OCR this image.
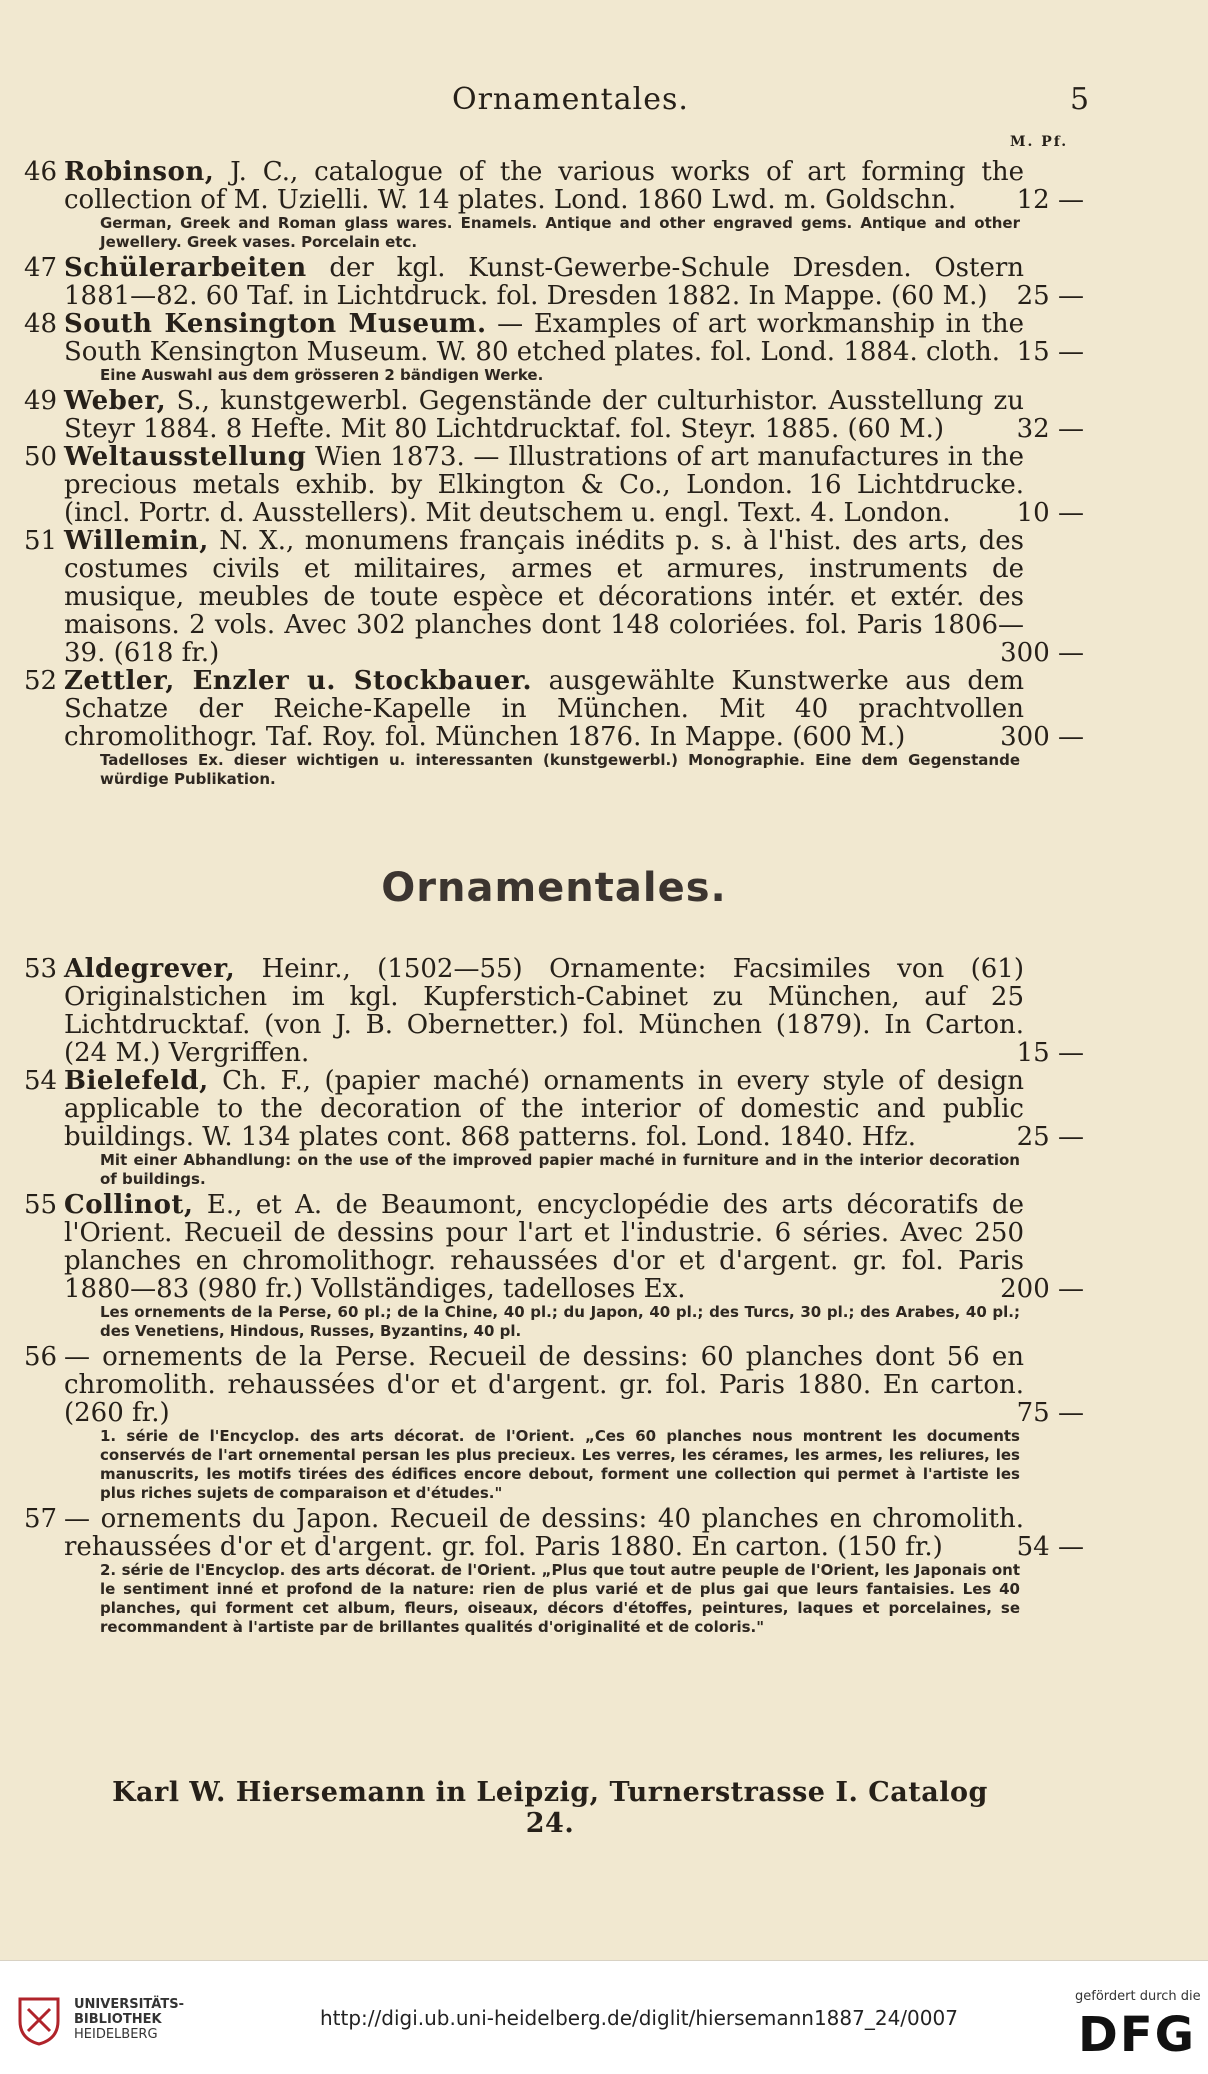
Ornamentales.	5
M. Pf.
46 Robinson, J. C., catalogue of the various works of art forming the collection of M. Uzielli. W. 14 plates. Lond. 1860 Lwd. m. Goldschn.	12 —
German, Greek and Roman glass wares. Enamels. Antique and other engraved gems. Antique and other Jewellery. Greek vases. Porcelain etc.
47 Schülerarbeiten der kgl. Kunst-Gewerbe-Schule Dresden. Ostern 1881—82. 60 Taf. in Lichtdruck. fol. Dresden 1882. In Mappe. (60 M.)	25 —
48 South Kensington Museum. — Examples of art workmanship in the South Kensington Museum. W. 80 etched plates. fol. Lond. 1884. cloth. 15 —
Eine Auswahl aus dem grösseren 2 bändigen Werke.
49 Weber, S., kunstgewerbl. Gegenstände der culturhistor. Ausstellung zu Steyr 1884. 8 Hefte. Mit 80 Lichtdrucktaf. fol. Steyr. 1885. (60 M.)	32 —
50 Weltausstellung Wien 1873. — Illustrations of art manufactures in the precious metals exhib. by Elkington & Co., London. 16 Lichtdrucke. (incl. Portr. d. Ausstellers). Mit deutschem u. engl. Text. 4. London.	10 —
51 Willemin, N. X., monumens français inédits p. s. à l'hist. des arts, des costumes civils et militaires, armes et armures, instruments de musique, meubles de toute espèce et décorations intér. et extér. des maisons. 2 vols. Avec 302 planches dont 148 coloriées. fol. Paris 1806—39. (618 fr.)	300 —
52 Zettler, Enzler u. Stockbauer. ausgewählte Kunstwerke aus dem Schatze der Reiche-Kapelle in München. Mit 40 prachtvollen chromolithogr. Taf. Roy. fol. München 1876. In Mappe. (600 M.)	300 —
Tadelloses Ex. dieser wichtigen u. interessanten (kunstgewerbl.) Monographie. Eine dem Gegenstande würdige Publikation.
Ornamentales.
53 Aldegrever, Heinr., (1502—55) Ornamente: Facsimiles von (61) Originalstichen im kgl. Kupferstich-Cabinet zu München, auf 25 Lichtdrucktaf. (von J. B. Obernetter.) fol. München (1879). In Carton. (24 M.) Vergriffen.	15 —
54 Bielefeld, Ch. F., (papier maché) ornaments in every style of design applicable to the decoration of the interior of domestic and public buildings. W. 134 plates cont. 868 patterns. fol. Lond. 1840. Hfz.	25 —
Mit einer Abhandlung: on the use of the improved papier maché in furniture and in the interior decoration of buildings.
55 Collinot, E., et A. de Beaumont, encyclopédie des arts décoratifs de l'Orient. Recueil de dessins pour l'art et l'industrie. 6 séries. Avec 250 planches en chromolithogr. rehaussées d'or et d'argent. gr. fol. Paris 1880—83 (980 fr.) Vollständiges, tadelloses Ex.	200 —
Les ornements de la Perse, 60 pl.; de la Chine, 40 pl.; du Japon, 40 pl.; des Turcs, 30 pl.; des Arabes, 40 pl.; des Venetiens, Hindous, Russes, Byzantins, 40 pl.
56 — ornements de la Perse. Recueil de dessins: 60 planches dont 56 en chromolith. rehaussées d'or et d'argent. gr. fol. Paris 1880. En carton. (260 fr.)	75 —
1. série de l'Encyclop. des arts décorat. de l'Orient. „Ces 60 planches nous montrent les documents conservés de l'art ornemental persan les plus precieux. Les verres, les cérames, les armes, les reliures, les manuscrits, les motifs tirées des édifices encore debout, forment une collection qui permet à l'artiste les plus riches sujets de comparaison et d'études."
57 — ornements du Japon. Recueil de dessins: 40 planches en chromolith. rehaussées d'or et d'argent. gr. fol. Paris 1880. En carton. (150 fr.)	54 —
2. série de l'Encyclop. des arts décorat. de l'Orient. „Plus que tout autre peuple de l'Orient, les Japonais ont le sentiment inné et profond de la nature: rien de plus varié et de plus gai que leurs fantaisies. Les 40 planches, qui forment cet album, fleurs, oiseaux, décors d'étoffes, peintures, laques et porcelaines, se recommandent à l'artiste par de brillantes qualités d'originalité et de coloris."
Karl W. Hiersemann in Leipzig, Turnerstrasse I. Catalog 24.
UNIVERSITÄTS-
BIBLIOTHEK
HEIDELBERG
http://digi.ub.uni-heidelberg.de/diglit/hiersemann1887_24/0007
gefördert durch die
DFG
